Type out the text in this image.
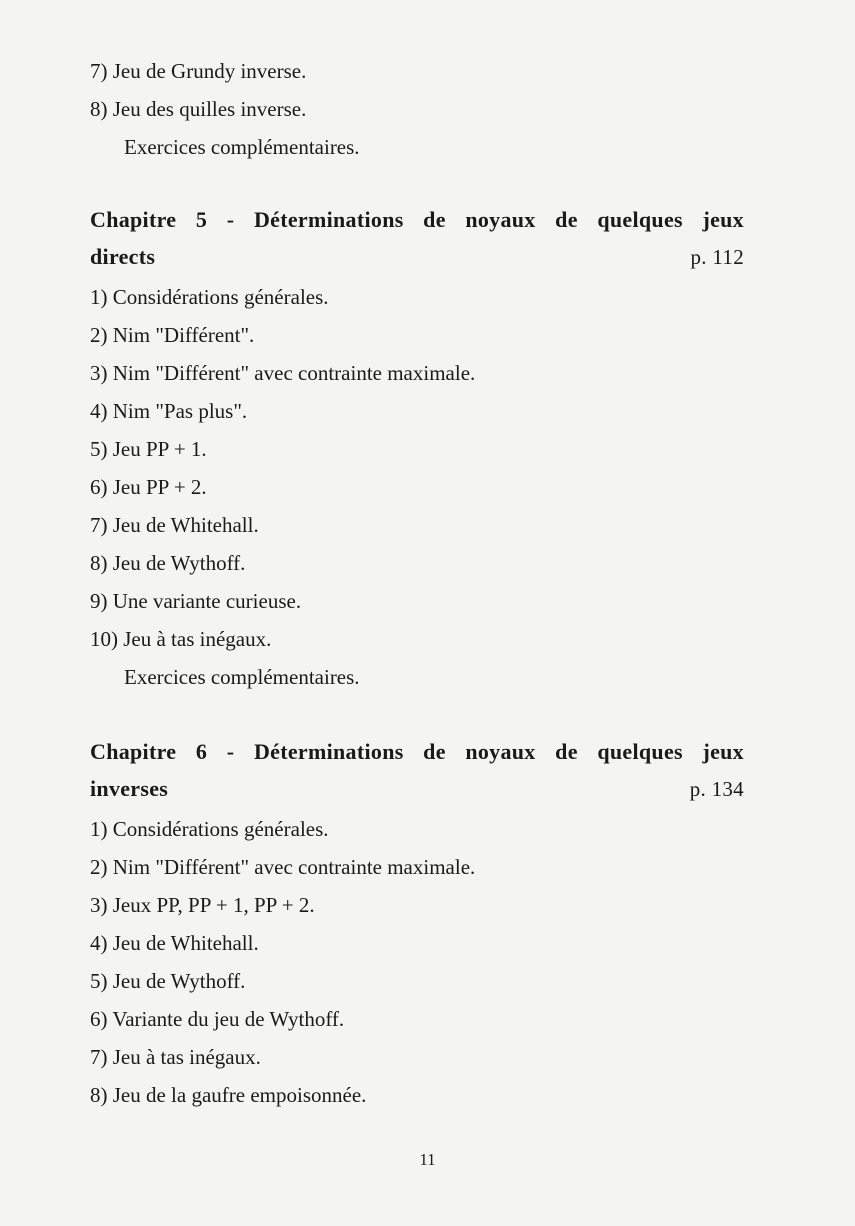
7) Jeu de Grundy inverse.
8) Jeu des quilles inverse.
Exercices complémentaires.
Chapitre 5 - Déterminations de noyaux de quelques jeux
directs	p. 112
1) Considérations générales.
2) Nim "Différent".
3) Nim "Différent" avec contrainte maximale.
4) Nim "Pas plus".
5) Jeu PP + 1.
6) Jeu PP + 2.
7) Jeu de Whitehall.
8) Jeu de Wythoff.
9) Une variante curieuse.
10) Jeu à tas inégaux.
Exercices complémentaires.
Chapitre 6 - Déterminations de noyaux de quelques jeux
inverses	p. 134
1) Considérations générales.
2) Nim "Différent" avec contrainte maximale.
3) Jeux PP, PP + 1, PP + 2.
4) Jeu de Whitehall.
5) Jeu de Wythoff.
6) Variante du jeu de Wythoff.
7) Jeu à tas inégaux.
8) Jeu de la gaufre empoisonnée.
11
